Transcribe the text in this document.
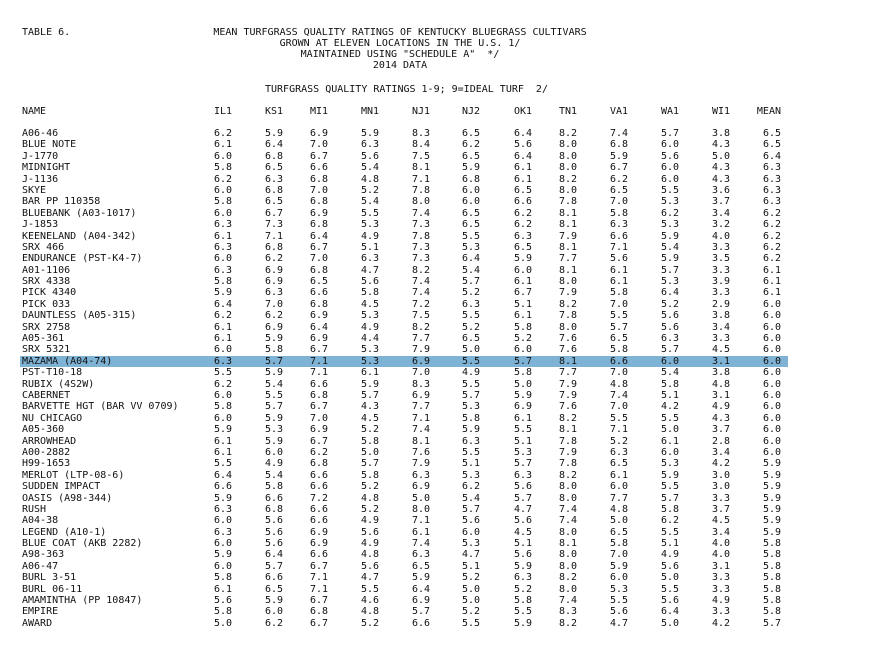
TABLE 6.	MEAN TURFGRASS QUALITY RATINGS OF KENTUCKY BLUEGRASS CULTIVARS
GROWN AT ELEVEN LOCATIONS IN THE U.S. 1/
MAINTAINED USING "SCHEDULE A"  */
2014 DATA
TURFGRASS QUALITY RATINGS 1-9; 9=IDEAL TURF  2/
NAME	IL1	KS1	MI1	MN1	NJ1	NJ2	OK1	TN1	VA1	WA1	WI1	MEAN
A06-46	6.2	5.9	6.9	5.9	8.3	6.5	6.4	8.2	7.4	5.7	3.8	6.5
BLUE NOTE	6.1	6.4	7.0	6.3	8.4	6.2	5.6	8.0	6.8	6.0	4.3	6.5
J-1770	6.0	6.8	6.7	5.6	7.5	6.5	6.4	8.0	5.9	5.6	5.0	6.4
MIDNIGHT	5.8	6.5	6.6	5.4	8.1	5.9	6.1	8.0	6.7	6.0	4.3	6.3
J-1136	6.2	6.3	6.8	4.8	7.1	6.8	6.1	8.2	6.2	6.0	4.3	6.3
SKYE	6.0	6.8	7.0	5.2	7.8	6.0	6.5	8.0	6.5	5.5	3.6	6.3
BAR PP 110358	5.8	6.5	6.8	5.4	8.0	6.0	6.6	7.8	7.0	5.3	3.7	6.3
BLUEBANK (A03-1017)	6.0	6.7	6.9	5.5	7.4	6.5	6.2	8.1	5.8	6.2	3.4	6.2
J-1853	6.3	7.3	6.8	5.3	7.3	6.5	6.2	8.1	6.3	5.3	3.2	6.2
KEENELAND (A04-342)	6.1	7.1	6.4	4.9	7.8	5.5	6.3	7.9	6.6	5.9	4.0	6.2
SRX 466	6.3	6.8	6.7	5.1	7.3	5.3	6.5	8.1	7.1	5.4	3.3	6.2
ENDURANCE (PST-K4-7)	6.0	6.2	7.0	6.3	7.3	6.4	5.9	7.7	5.6	5.9	3.5	6.2
A01-1106	6.3	6.9	6.8	4.7	8.2	5.4	6.0	8.1	6.1	5.7	3.3	6.1
SRX 4338	5.8	6.9	6.5	5.6	7.4	5.7	6.1	8.0	6.1	5.3	3.9	6.1
PICK 4340	5.9	6.3	6.6	5.8	7.4	5.2	6.7	7.9	5.8	6.4	3.3	6.1
PICK 033	6.4	7.0	6.8	4.5	7.2	6.3	5.1	8.2	7.0	5.2	2.9	6.0
DAUNTLESS (A05-315)	6.2	6.2	6.9	5.3	7.5	5.5	6.1	7.8	5.5	5.6	3.8	6.0
SRX 2758	6.1	6.9	6.4	4.9	8.2	5.2	5.8	8.0	5.7	5.6	3.4	6.0
A05-361	6.1	5.9	6.9	4.4	7.7	6.5	5.2	7.6	6.5	6.3	3.3	6.0
SRX 5321	6.0	5.8	6.7	5.3	7.9	5.0	6.0	7.6	5.8	5.7	4.5	6.0
MAZAMA (A04-74)	6.3	5.7	7.1	5.3	6.9	5.5	5.7	8.1	6.6	6.0	3.1	6.0
PST-T10-18	5.5	5.9	7.1	6.1	7.0	4.9	5.8	7.7	7.0	5.4	3.8	6.0
RUBIX (4S2W)	6.2	5.4	6.6	5.9	8.3	5.5	5.0	7.9	4.8	5.8	4.8	6.0
CABERNET	6.0	5.5	6.8	5.7	6.9	5.7	5.9	7.9	7.4	5.1	3.1	6.0
BARVETTE HGT (BAR VV 0709)	5.8	5.7	6.7	4.3	7.7	5.3	6.9	7.6	7.0	4.2	4.9	6.0
NU CHICAGO	6.0	5.9	7.0	4.5	7.1	5.8	6.1	8.2	5.5	5.5	4.3	6.0
A05-360	5.9	5.3	6.9	5.2	7.4	5.9	5.5	8.1	7.1	5.0	3.7	6.0
ARROWHEAD	6.1	5.9	6.7	5.8	8.1	6.3	5.1	7.8	5.2	6.1	2.8	6.0
A00-2882	6.1	6.0	6.2	5.0	7.6	5.5	5.3	7.9	6.3	6.0	3.4	6.0
H99-1653	5.5	4.9	6.8	5.7	7.9	5.1	5.7	7.8	6.5	5.3	4.2	5.9
MERLOT (LTP-08-6)	6.4	5.4	6.6	5.8	6.3	5.3	6.3	8.2	6.1	5.9	3.0	5.9
SUDDEN IMPACT	6.6	5.8	6.6	5.2	6.9	6.2	5.6	8.0	6.0	5.5	3.0	5.9
OASIS (A98-344)	5.9	6.6	7.2	4.8	5.0	5.4	5.7	8.0	7.7	5.7	3.3	5.9
RUSH	6.3	6.8	6.6	5.2	8.0	5.7	4.7	7.4	4.8	5.8	3.7	5.9
A04-38	6.0	5.6	6.6	4.9	7.1	5.6	5.6	7.4	5.0	6.2	4.5	5.9
LEGEND (A10-1)	6.3	5.6	6.9	5.6	6.1	6.0	4.5	8.0	6.5	5.5	3.4	5.9
BLUE COAT (AKB 2282)	6.0	5.6	6.9	4.9	7.4	5.3	5.1	8.1	5.8	5.1	4.0	5.8
A98-363	5.9	6.4	6.6	4.8	6.3	4.7	5.6	8.0	7.0	4.9	4.0	5.8
A06-47	6.0	5.7	6.7	5.6	6.5	5.1	5.9	8.0	5.9	5.6	3.1	5.8
BURL 3-51	5.8	6.6	7.1	4.7	5.9	5.2	6.3	8.2	6.0	5.0	3.3	5.8
BURL 06-11	6.1	6.5	7.1	5.5	6.4	5.0	5.2	8.0	5.3	5.5	3.3	5.8
AMAMINTHA (PP 10847)	5.6	5.9	6.7	4.6	6.9	5.0	5.8	7.4	5.5	5.6	4.9	5.8
EMPIRE	5.8	6.0	6.8	4.8	5.7	5.2	5.5	8.3	5.6	6.4	3.3	5.8
AWARD	5.0	6.2	6.7	5.2	6.6	5.5	5.9	8.2	4.7	5.0	4.2	5.7
